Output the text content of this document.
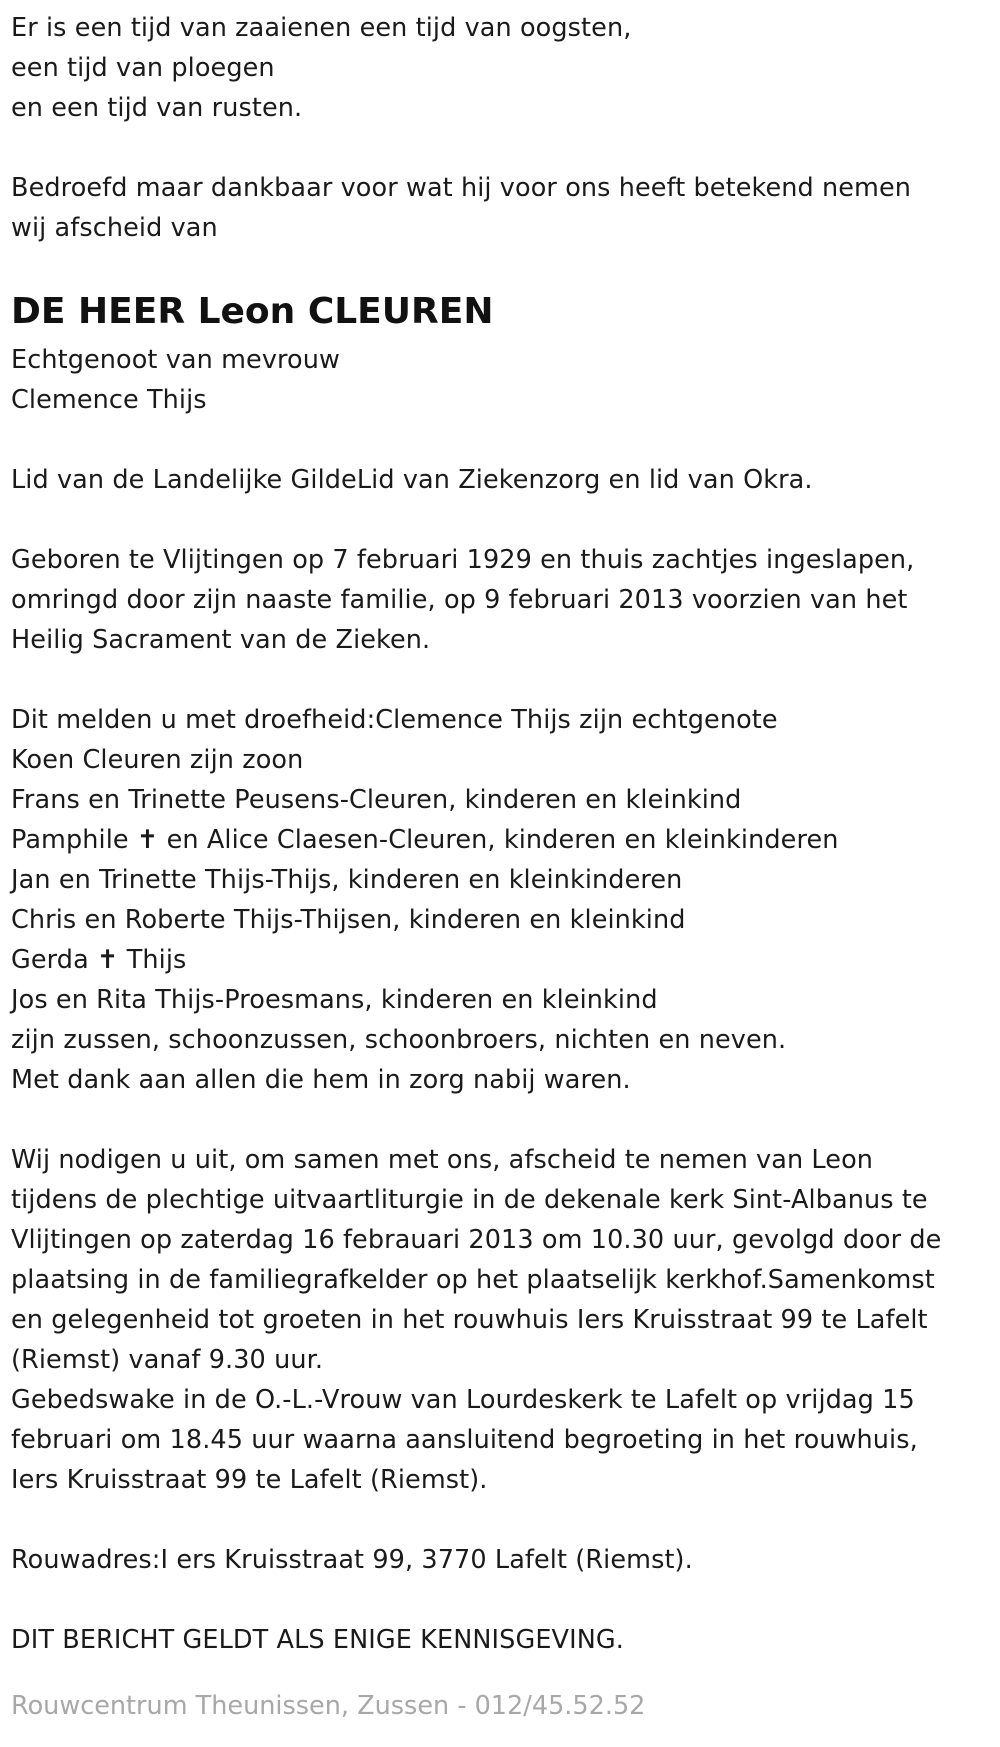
Er is een tijd van zaaienen een tijd van oogsten,
een tijd van ploegen
en een tijd van rusten.
Bedroefd maar dankbaar voor wat hij voor ons heeft betekend nemen
wij afscheid van
DE HEER Leon CLEUREN
Echtgenoot van mevrouw
Clemence Thijs
Lid van de Landelijke GildeLid van Ziekenzorg en lid van Okra.
Geboren te Vlijtingen op 7 februari 1929 en thuis zachtjes ingeslapen,
omringd door zijn naaste familie, op 9 februari 2013 voorzien van het
Heilig Sacrament van de Zieken.
Dit melden u met droefheid:Clemence Thijs zijn echtgenote
Koen Cleuren zijn zoon
Frans en Trinette Peusens-Cleuren, kinderen en kleinkind
Pamphile ✝ en Alice Claesen-Cleuren, kinderen en kleinkinderen
Jan en Trinette Thijs-Thijs, kinderen en kleinkinderen
Chris en Roberte Thijs-Thijsen, kinderen en kleinkind
Gerda ✝ Thijs
Jos en Rita Thijs-Proesmans, kinderen en kleinkind
zijn zussen, schoonzussen, schoonbroers, nichten en neven.
Met dank aan allen die hem in zorg nabij waren.
Wij nodigen u uit, om samen met ons, afscheid te nemen van Leon
tijdens de plechtige uitvaartliturgie in de dekenale kerk Sint-Albanus te
Vlijtingen op zaterdag 16 febrauari 2013 om 10.30 uur, gevolgd door de
plaatsing in de familiegrafkelder op het plaatselijk kerkhof.Samenkomst
en gelegenheid tot groeten in het rouwhuis Iers Kruisstraat 99 te Lafelt
(Riemst) vanaf 9.30 uur.
Gebedswake in de O.-L.-Vrouw van Lourdeskerk te Lafelt op vrijdag 15
februari om 18.45 uur waarna aansluitend begroeting in het rouwhuis,
Iers Kruisstraat 99 te Lafelt (Riemst).
Rouwadres:I ers Kruisstraat 99, 3770 Lafelt (Riemst).
DIT BERICHT GELDT ALS ENIGE KENNISGEVING.
Rouwcentrum Theunissen, Zussen - 012/45.52.52
